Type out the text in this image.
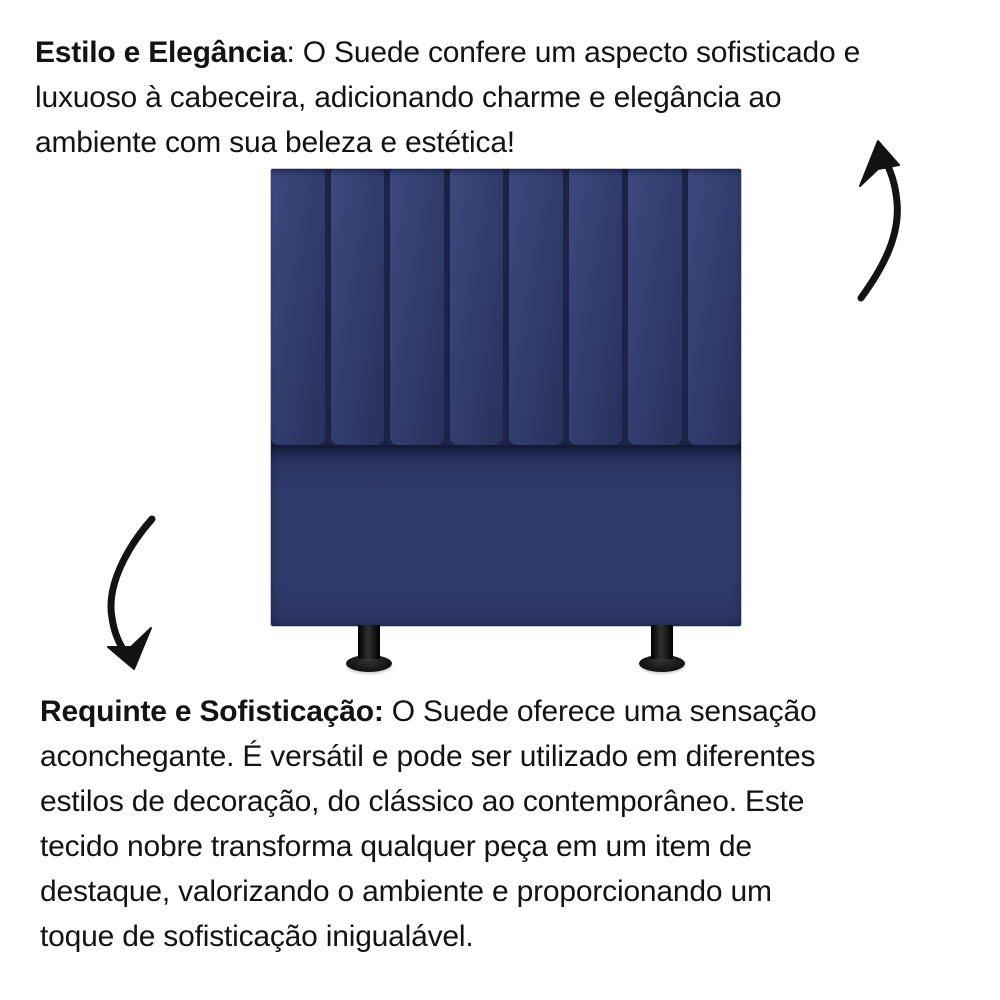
Estilo e Elegância: O Suede confere um aspecto sofisticado e
luxuoso à cabeceira, adicionando charme e elegância ao
ambiente com sua beleza e estética!
Requinte e Sofisticação: O Suede oferece uma sensação
aconchegante. É versátil e pode ser utilizado em diferentes
estilos de decoração, do clássico ao contemporâneo. Este
tecido nobre transforma qualquer peça em um item de
destaque, valorizando o ambiente e proporcionando um
toque de sofisticação inigualável.
